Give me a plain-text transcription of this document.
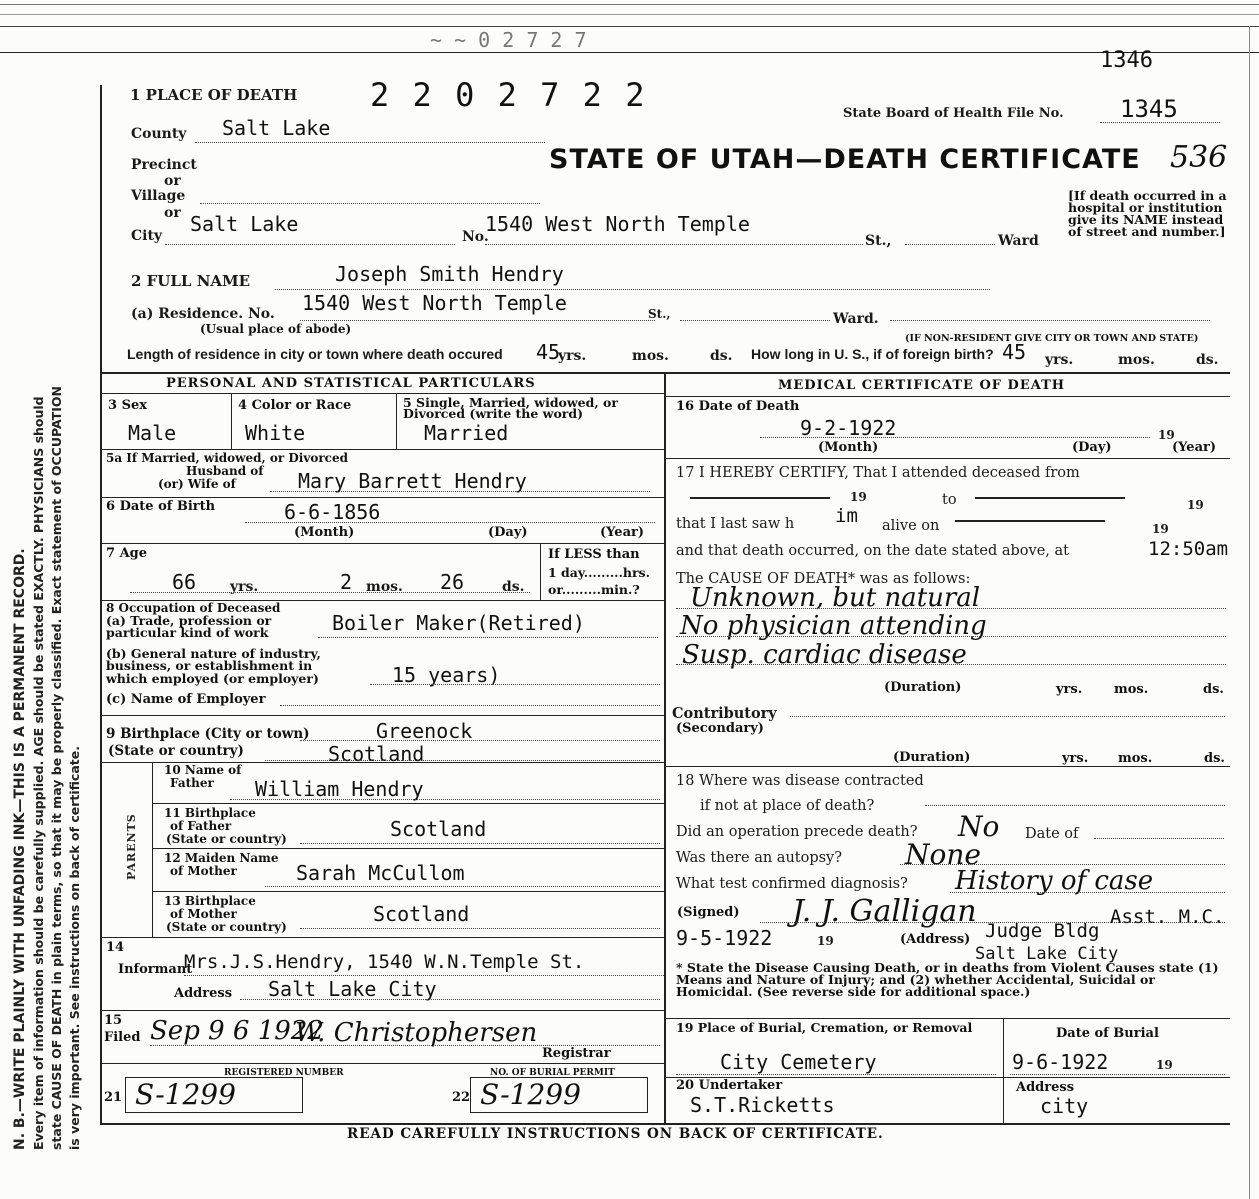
N. B.—WRITE PLAINLY WITH UNFADING INK—THIS IS A PERMANENT RECORD. Every item of information should be carefully supplied. AGE should be stated EXACTLY. PHYSICIANS should state CAUSE OF DEATH in plain terms, so that it may be properly classified. Exact statement of OCCUPATION is very important. See instructions on back of certificate.
~ ~ 0 2 7 2 7
1346
1 PLACE OF DEATH 2 2 0 2 7 2 2	State Board of Health File No. 1345
County Salt Lake
STATE OF UTAH—DEATH CERTIFICATE 536
Precinct
or
Village
or
[If death occurred in a hospital or institution give its NAME instead of street and number.]
City Salt Lake
No.
1540 West North Temple
St.,	Ward
2 FULL NAME	Joseph Smith Hendry
(a) Residence. No.
(Usual place of abode)
1540 West North Temple	St.,	Ward.
(IF NON-RESIDENT GIVE CITY OR TOWN AND STATE)
Length of residence in city or town where death occured 45
yrs.	mos.	ds. How long in U. S., if of foreign birth? 45 yrs.	mos.	ds.
PERSONAL AND STATISTICAL PARTICULARS
3 Sex
Male
4 Color or Race
White
5 Single, Married, widowed, or Divorced (write the word)
Married
5a If Married, widowed, or Divorced
Husband of
(or) Wife of	Mary Barrett Hendry
6 Date of Birth	6-6-1856
(Month)	(Day)	(Year)
7 Age
66 yrs.	2 mos. 26	ds.
If LESS than
1 day.........hrs.
or.........min.?
8 Occupation of Deceased
(a) Trade, profession or
particular kind of work	Boiler Maker(Retired)
(b) General nature of industry,
business, or establishment in
which employed (or employer)	15 years)
(c) Name of Employer
9 Birthplace (City or town)	Greenock
(State or country)	Scotland
PARENTS
10 Name of
Father William Hendry
11 Birthplace
of Father
(State or country)	Scotland
12 Maiden Name
of Mother	Sarah McCullom
13 Birthplace
of Mother
(State or country)
Scotland
14
Informant
Mrs.J.S.Hendry, 1540 W.N.Temple St.
Address Salt Lake City
15
Filed Sep 9 6 1922
W. Christophersen
Registrar
REGISTERED NUMBER	NO. OF BURIAL PERMIT
21 S-1299	22 S-1299
MEDICAL CERTIFICATE OF DEATH
16 Date of Death
9-2-1922	19
(Month)	(Day)	(Year)
17 I HEREBY CERTIFY, That I attended deceased from
19	to	19
that I last saw h im alive on	19
and that death occurred, on the date stated above, at	12:50am
The CAUSE OF DEATH* was as follows:
Unknown, but natural
No physician attending
Susp. cardiac disease
(Duration)	yrs. mos.	ds.
Contributory
(Secondary)
(Duration)	yrs. mos.	ds.
18 Where was disease contracted
if not at place of death?
Did an operation precede death? No Date of
Was there an autopsy? None
What test confirmed diagnosis? History of case
(Signed) J. J. Galligan	Asst. M.C.
9-5-1922	19	(Address) Judge Bldg
Salt Lake City
* State the Disease Causing Death, or in deaths from Violent Causes state (1) Means and Nature of Injury; and (2) whether Accidental, Suicidal or Homicidal. (See reverse side for additional space.)
19 Place of Burial, Cremation, or Removal
City Cemetery
Date of Burial
9-6-1922	19
20 Undertaker
S.T.Ricketts
Address
city
READ CAREFULLY INSTRUCTIONS ON BACK OF CERTIFICATE.
